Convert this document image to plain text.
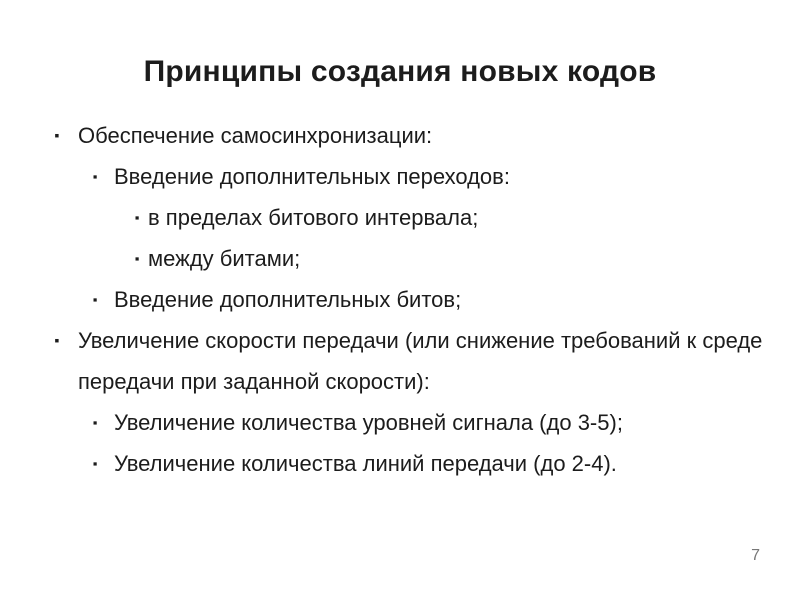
Принципы создания новых кодов
▪ Обеспечение самосинхронизации:
▪ Введение дополнительных переходов:
▪ в пределах битового интервала;
▪ между битами;
▪ Введение дополнительных битов;
▪ Увеличение скорости передачи (или снижение требований к среде передачи при заданной скорости):
▪ Увеличение количества уровней сигнала (до 3-5);
▪ Увеличение количества линий передачи (до 2-4).
7
